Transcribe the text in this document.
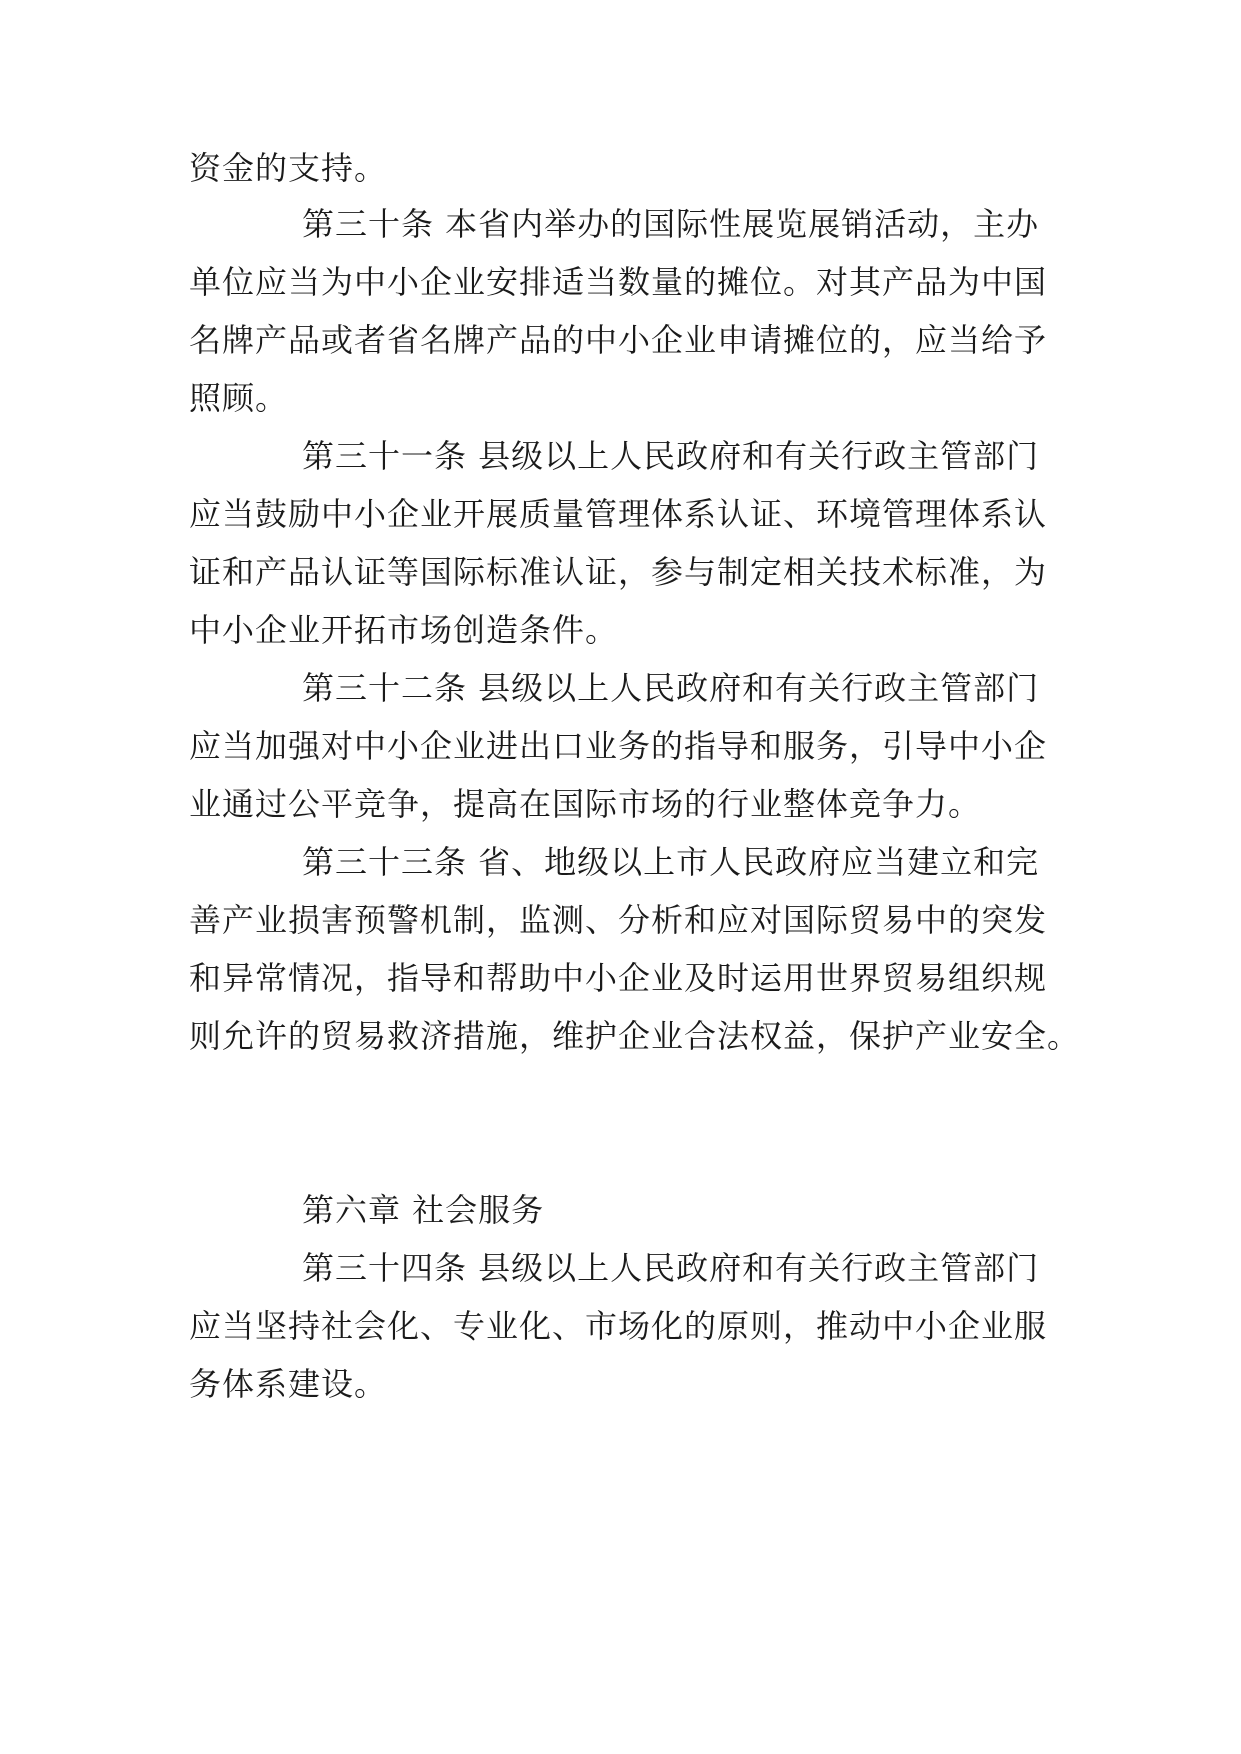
资金的支持。

第三十条 本省内举办的国际性展览展销活动，主办

单位应当为中小企业安排适当数量的摊位。对其产品为中国

名牌产品或者省名牌产品的中小企业申请摊位的，应当给予

照顾。

第三十一条 县级以上人民政府和有关行政主管部门

应当鼓励中小企业开展质量管理体系认证、环境管理体系认

证和产品认证等国际标准认证，参与制定相关技术标准，为

中小企业开拓市场创造条件。

第三十二条 县级以上人民政府和有关行政主管部门

应当加强对中小企业进出口业务的指导和服务，引导中小企

业通过公平竞争，提高在国际市场的行业整体竞争力。

第三十三条 省、地级以上市人民政府应当建立和完

善产业损害预警机制，监测、分析和应对国际贸易中的突发

和异常情况，指导和帮助中小企业及时运用世界贸易组织规

则允许的贸易救济措施，维护企业合法权益，保护产业安全。

第六章 社会服务

第三十四条 县级以上人民政府和有关行政主管部门

应当坚持社会化、专业化、市场化的原则，推动中小企业服

务体系建设。
